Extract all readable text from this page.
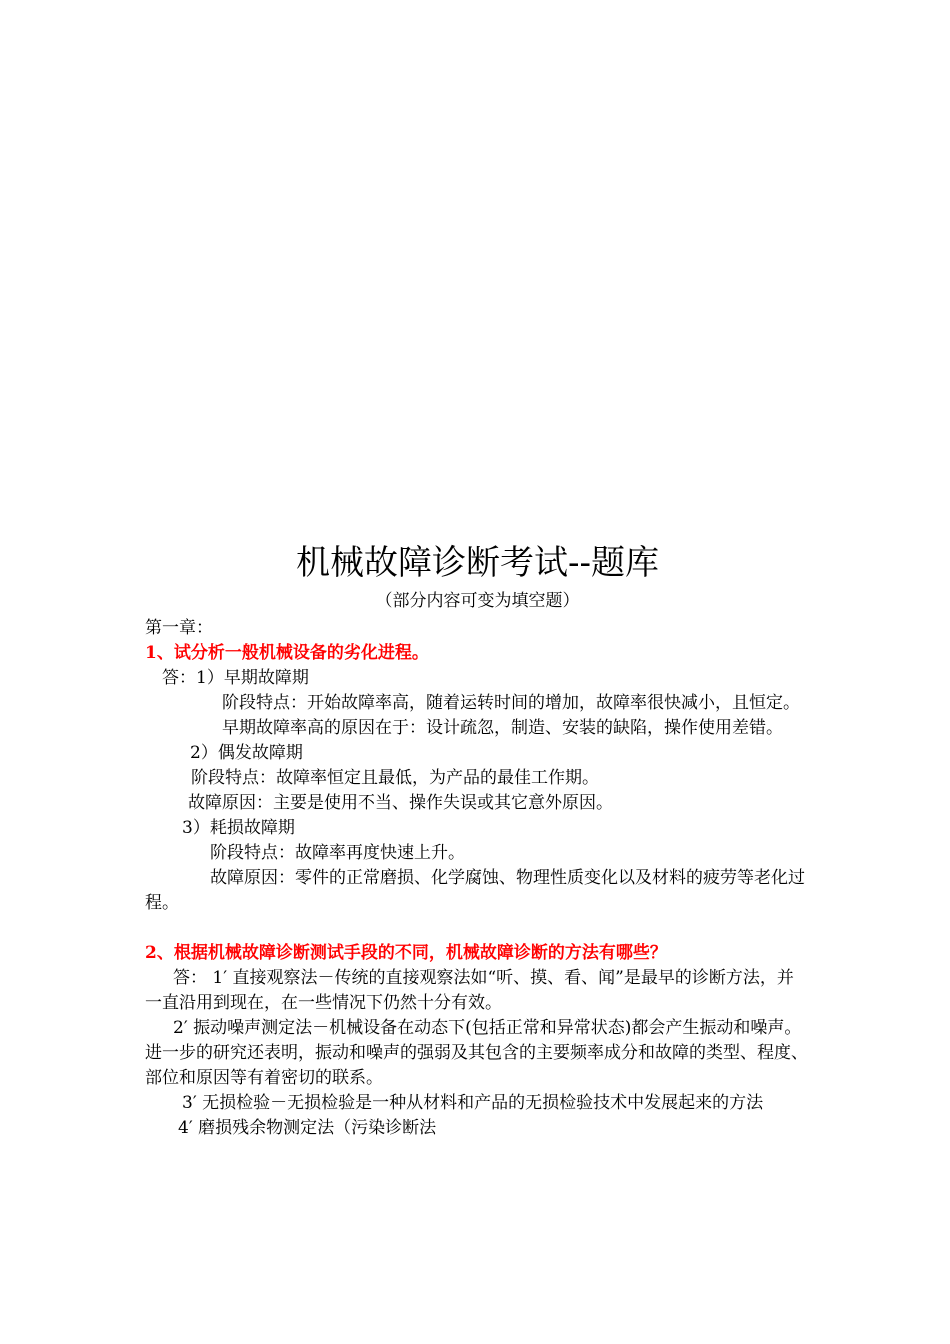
机械故障诊断考试--题库

（部分内容可变为填空题）

第一章：

1、试分析一般机械设备的劣化进程。

答：1）早期故障期

阶段特点：开始故障率高，随着运转时间的增加，故障率很快减小，且恒定。

早期故障率高的原因在于：设计疏忽，制造、安装的缺陷，操作使用差错。

2）偶发故障期

阶段特点：故障率恒定且最低，为产品的最佳工作期。

故障原因：主要是使用不当、操作失误或其它意外原因。

3）耗损故障期

阶段特点：故障率再度快速上升。

故障原因：零件的正常磨损、化学腐蚀、物理性质变化以及材料的疲劳等老化过程。

2、根据机械故障诊断测试手段的不同，机械故障诊断的方法有哪些？

答： 1′ 直接观察法－传统的直接观察法如“听、摸、看、闻”是最早的诊断方法，并一直沿用到现在，在一些情况下仍然十分有效。

2′ 振动噪声测定法－机械设备在动态下(包括正常和异常状态)都会产生振动和噪声。进一步的研究还表明，振动和噪声的强弱及其包含的主要频率成分和故障的类型、程度、部位和原因等有着密切的联系。

3′ 无损检验－无损检验是一种从材料和产品的无损检验技术中发展起来的方法

4′ 磨损残余物测定法（污染诊断法
